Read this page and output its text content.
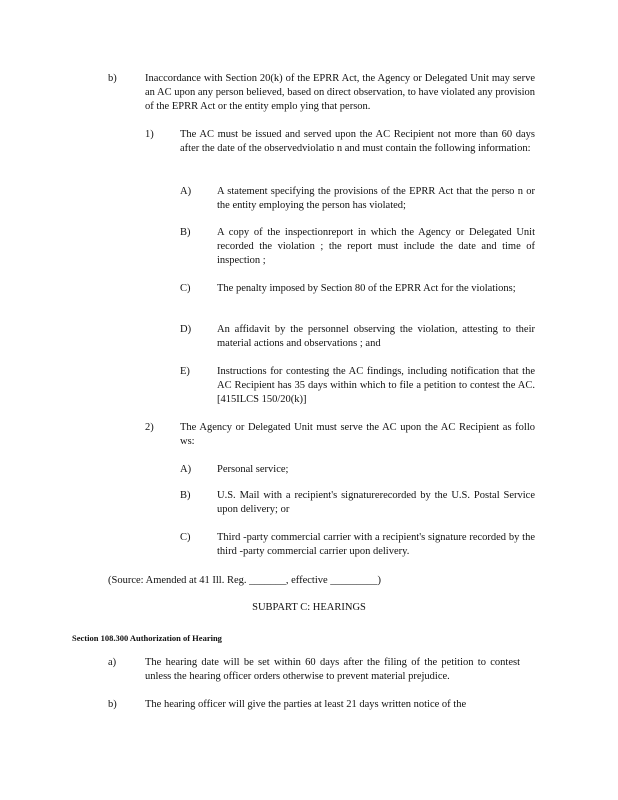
b)	Inaccordance with Section 20(k) of the EPRR Act, the Agency or Delegated Unit may serve an AC upon any person believed, based on direct observation, to have violated any provision of the EPRR Act or the entity emplo ying that person.
1)	The AC must be issued and served upon the AC Recipient not more than 60 days after the date of the observedviolatio n and must contain the following information:
A) A statement specifying the provisions of the EPRR Act that the perso n or the entity employing the person has violated;
B)	A copy of the inspectionreport in which the Agency or Delegated Unit recorded the violation ; the report must include the date and time of inspection ;
C)	The penalty imposed by Section 80 of the EPRR Act for the violations;
D) An affidavit by the personnel observing the violation, attesting to their material actions and observations ; and
E)	Instructions for contesting the AC findings, including notification that the AC Recipient has 35 days within which to file a petition to contest the AC. [415ILCS 150/20(k)]
2)	The Agency or Delegated Unit must serve the AC upon the AC Recipient as follo ws:
A) Personal service;
B)	U.S. Mail with a recipient's signaturerecorded by the U.S. Postal Service upon delivery; or
C)	Third -party commercial carrier with a recipient's signature recorded by the third -party commercial carrier upon delivery.
(Source: Amended at 41 Ill. Reg. _______, effective _________)
SUBPART C: HEARINGS
Section 108.300 Authorization of Hearing
a)	The hearing date will be set within 60 days after the filing of the petition to contest unless the hearing officer orders otherwise to prevent material prejudice.
b)	The hearing officer will give the parties at least 21 days written notice of the
